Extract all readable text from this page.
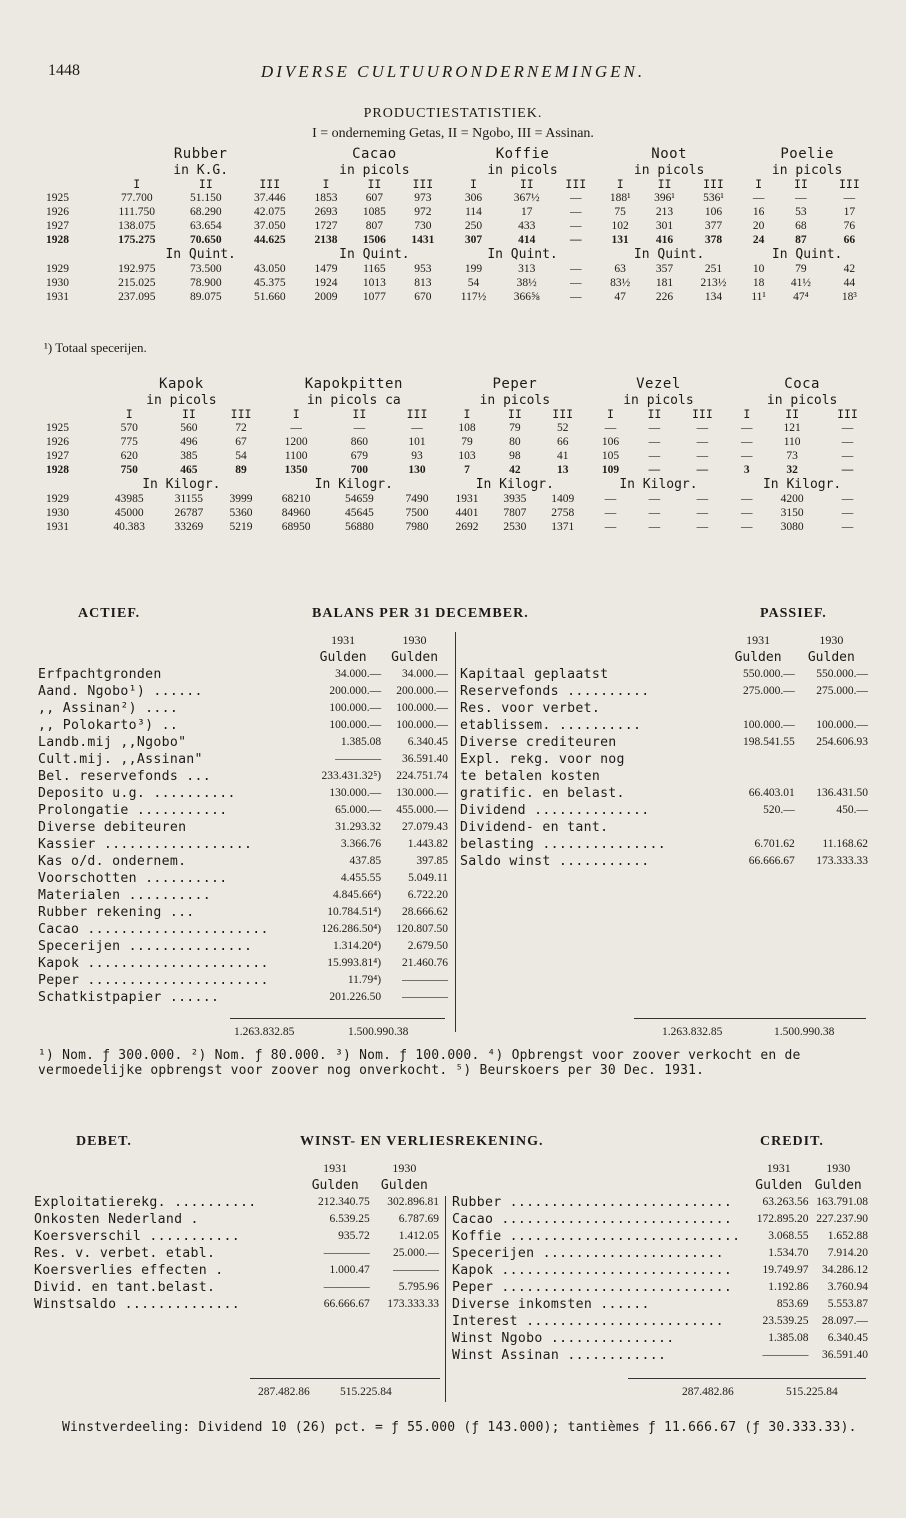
1448	DIVERSE CULTUURONDERNEMINGEN.
PRODUCTIESTATISTIEK.
I = onderneming Getas, II = Ngobo, III = Assinan.
	Rubber			Cacao			Koffie			Noot			Poelie		
	in K.G.			in picols			in picols			in picols			in picols		
	I	II	III	I	II	III	I	II	III	I	II	III	I	II	III
1925	77.700	51.150	37.446	1853	607	973	306	367½	—	188¹	396¹	536¹	—	—	—
1926	111.750	68.290	42.075	2693	1085	972	114	17	—	75	213	106	16	53	17
1927	138.075	63.654	37.050	1727	807	730	250	433	—	102	301	377	20	68	76
1928	175.275	70.650	44.625	2138	1506	1431	307	414	—	131	416	378	24	87	66
	In Quint.			In Quint.			In Quint.			In Quint.			In Quint.		
1929	192.975	73.500	43.050	1479	1165	953	199	313	—	63	357	251	10	79	42
1930	215.025	78.900	45.375	1924	1013	813	54	38½	—	83½	181	213½	18	41½	44
1931	237.095	89.075	51.660	2009	1077	670	117½	366⅝	—	47	226	134	11¹	47⁴	18³
¹) Totaal specerijen.
	Kapok			Kapokpitten			Peper			Vezel			Coca		
	in picols			in picols ca			in picols			in picols			in picols		
	I	II	III	I	II	III	I	II	III	I	II	III	I	II	III
1925	570	560	72	—	—	—	108	79	52	—	—	—	—	121	—
1926	775	496	67	1200	860	101	79	80	66	106	—	—	—	110	—
1927	620	385	54	1100	679	93	103	98	41	105	—	—	—	73	—
1928	750	465	89	1350	700	130	7	42	13	109	—	—	3	32	—
	In Kilogr.			In Kilogr.			In Kilogr.			In Kilogr.			In Kilogr.		
1929	43985	31155	3999	68210	54659	7490	1931	3935	1409	—	—	—	—	4200	—
1930	45000	26787	5360	84960	45645	7500	4401	7807	2758	—	—	—	—	3150	—
1931	40.383	33269	5219	68950	56880	7980	2692	2530	1371	—	—	—	—	3080	—
ACTIEF.	BALANS PER 31 DECEMBER.	PASSIEF.
	1931	1930
	Gulden	Gulden
Erfpachtgronden	34.000.—	34.000.—
Aand. Ngobo¹) ......	200.000.—	200.000.—
,, Assinan²) ....	100.000.—	100.000.—
,, Polokarto³) ..	100.000.—	100.000.—
Landb.mij ,,Ngobo"	1.385.08	6.340.45
Cult.mij. ,,Assinan"	————	36.591.40
Bel. reservefonds ...	233.431.32⁵)	224.751.74
Deposito u.g. ..........	130.000.—	130.000.—
Prolongatie ...........	65.000.—	455.000.—
Diverse debiteuren	31.293.32	27.079.43
Kassier ..................	3.366.76	1.443.82
Kas o/d. ondernem.	437.85	397.85
Voorschotten ..........	4.455.55	5.049.11
Materialen ..........	4.845.66⁴)	6.722.20
Rubber rekening ...	10.784.51⁴)	28.666.62
Cacao ......................	126.286.50⁴)	120.807.50
Specerijen ...............	1.314.20⁴)	2.679.50
Kapok ......................	15.993.81⁴)	21.460.76
Peper ......................	11.79⁴)	————
Schatkistpapier ......	201.226.50	————
	1931	1930
	Gulden	Gulden
Kapitaal geplaatst	550.000.—	550.000.—
Reservefonds ..........	275.000.—	275.000.—
Res. voor verbet.		
etablissem. ..........	100.000.—	100.000.—
Diverse crediteuren	198.541.55	254.606.93
Expl. rekg. voor nog		
te betalen kosten		
gratific. en belast.	66.403.01	136.431.50
Dividend ..............	520.—	450.—
Dividend- en tant.		
belasting ...............	6.701.62	11.168.62
Saldo winst ...........	66.666.67	173.333.33
1.263.832.85	1.500.990.38	1.263.832.85	1.500.990.38
¹) Nom. ƒ 300.000. ²) Nom. ƒ 80.000. ³) Nom. ƒ 100.000. ⁴) Opbrengst voor zoover verkocht en de vermoedelijke opbrengst voor zoover nog onverkocht. ⁵) Beurskoers per 30 Dec. 1931.
DEBET.	WINST- EN VERLIESREKENING.	CREDIT.
	1931	1930
	Gulden	Gulden
Exploitatierekg. ..........	212.340.75	302.896.81
Onkosten Nederland .	6.539.25	6.787.69
Koersverschil ...........	935.72	1.412.05
Res. v. verbet. etabl.	————	25.000.—
Koersverlies effecten .	1.000.47	————
Divid. en tant.belast.	————	5.795.96
Winstsaldo ..............	66.666.67	173.333.33
	1931	1930
	Gulden	Gulden
Rubber ...........................	63.263.56	163.791.08
Cacao ............................	172.895.20	227.237.90
Koffie ............................	3.068.55	1.652.88
Specerijen ......................	1.534.70	7.914.20
Kapok ............................	19.749.97	34.286.12
Peper ............................	1.192.86	3.760.94
Diverse inkomsten ......	853.69	5.553.87
Interest ........................	23.539.25	28.097.—
Winst Ngobo ...............	1.385.08	6.340.45
Winst Assinan ............	————	36.591.40
287.482.86	515.225.84	287.482.86	515.225.84
Winstverdeeling: Dividend 10 (26) pct. = ƒ 55.000 (ƒ 143.000); tantièmes ƒ 11.666.67 (ƒ 30.333.33).
